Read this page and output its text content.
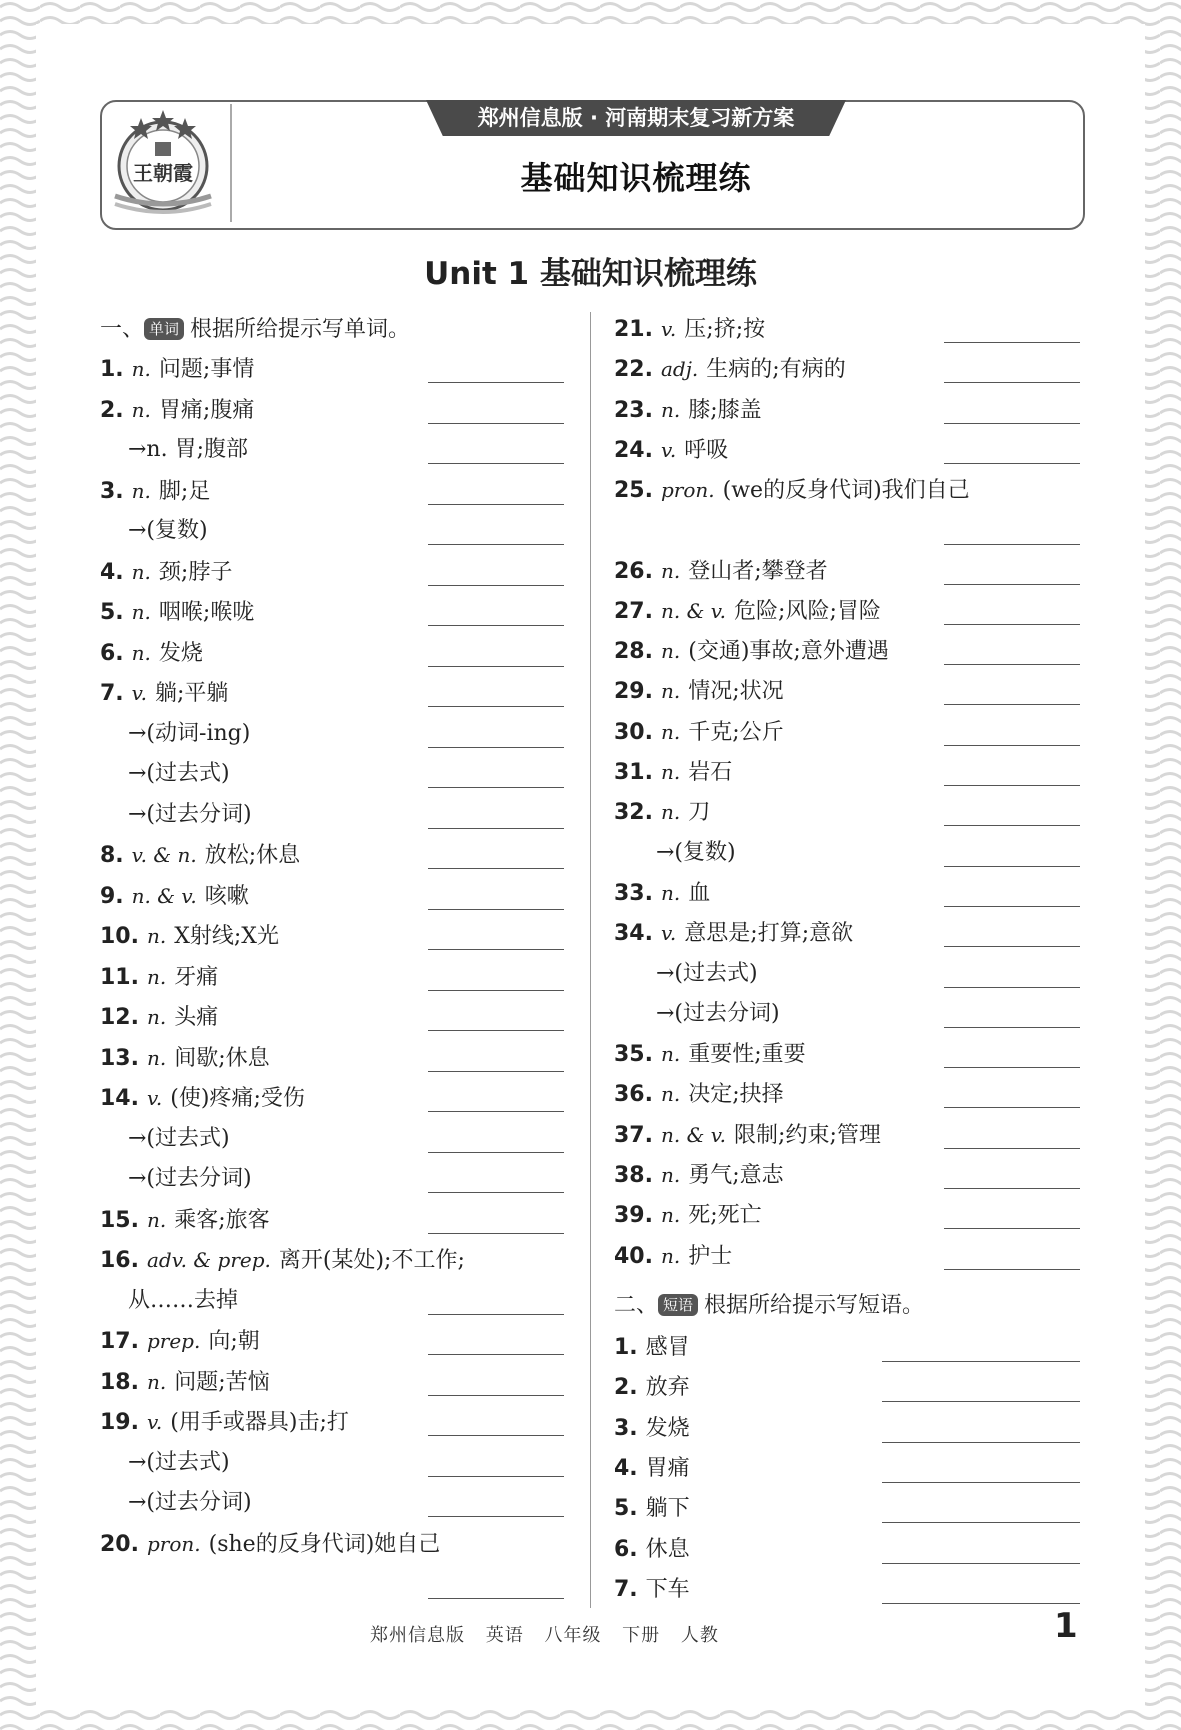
王朝霞
郑州信息版 · 河南期末复习新方案
基础知识梳理练
Unit 1 基础知识梳理练
一、 单词 根据所给提示写单词。
1. n. 问题;事情
2. n. 胃痛;腹痛
→n. 胃;腹部
3. n. 脚;足
→(复数)
4. n. 颈;脖子
5. n. 咽喉;喉咙
6. n. 发烧
7. v. 躺;平躺
→(动词-ing)
→(过去式)
→(过去分词)
8. v. & n. 放松;休息
9. n. & v. 咳嗽
10. n. X射线;X光
11. n. 牙痛
12. n. 头痛
13. n. 间歇;休息
14. v. (使)疼痛;受伤
→(过去式)
→(过去分词)
15. n. 乘客;旅客
16. adv. & prep. 离开(某处);不工作;
从……去掉
17. prep. 向;朝
18. n. 问题;苦恼
19. v. (用手或器具)击;打
→(过去式)
→(过去分词)
20. pron. (she的反身代词)她自己
21. v. 压;挤;按
22. adj. 生病的;有病的
23. n. 膝;膝盖
24. v. 呼吸
25. pron. (we的反身代词)我们自己
26. n. 登山者;攀登者
27. n. & v. 危险;风险;冒险
28. n. (交通)事故;意外遭遇
29. n. 情况;状况
30. n. 千克;公斤
31. n. 岩石
32. n. 刀
→(复数)
33. n. 血
34. v. 意思是;打算;意欲
→(过去式)
→(过去分词)
35. n. 重要性;重要
36. n. 决定;抉择
37. n. & v. 限制;约束;管理
38. n. 勇气;意志
39. n. 死;死亡
40. n. 护士
二、 短语 根据所给提示写短语。
1. 感冒
2. 放弃
3. 发烧
4. 胃痛
5. 躺下
6. 休息
7. 下车
郑州信息版 英语 八年级 下册 人教	1
